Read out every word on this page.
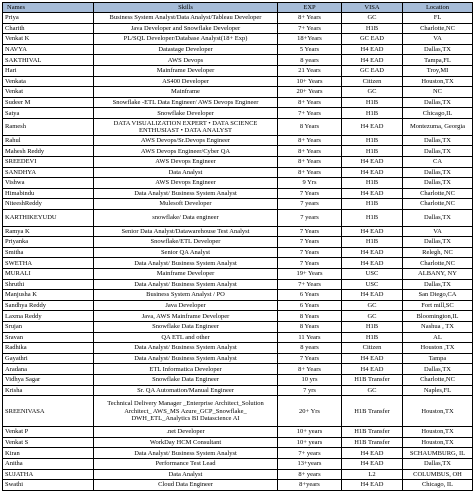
Names	Skills	EXP	VISA	Location
Priya	Business System Analyst/Data Analyst/Tableau Developer	8+ Years	GC	FL
Charith	Java Developer and Snowflake Developer	7+ Years	H1B	Charlotte,NC
Venkat K	PL/SQL Developer/Database Analyst(18+ Exp)	18+Years	GC EAD	VA
NAVYA	Datastage Developer	5 Years	H4 EAD	Dallas,TX
SAKTHIVAL	AWS Devops	8 years	H4 EAD	Tampa,FL
Hari	Mainframe Developer	21 Years	GC EAD	Troy,MI
Venkata	AS400 Developer	10+ Years	Citizen	Houston,TX
Venkat	Mainframe	20+ Years	GC	NC
Sudeer M	Snowflake -ETL Data Engineer/ AWS Devops Engineer	8+ Years	H1B	Dallas,TX
Satya	Snowflake Developer	7+ Years	H1B	Chicago,IL
Ramesh	DATA VISUALIZATION EXPERT • DATA SCIENCE ENTHUSIAST • DATA ANALYST	8 Years	H4 EAD	Montezuma, Georgia
Rahul	AWS Devops/Sr.Devops Engineer	8+ Years	H1B	Dallas,TX
Mahesh Reddy	AWS Devops Engineer/Cyber QA	8+ Years	H1B	Dallas,TX
SREEDEVI	AWS Devops Engineer	8+ Years	H4 EAD	CA
SANDHYA	Data Analyst	8+ Years	H4 EAD	Dallas,TX
Vishwa	AWS Devops Engineer	9 Yrs	H1B	Dallas,TX
Himabindu	Data Analyst/ Business System Analyst	7 Years	H4 EAD	Charlotte,NC
NiteeshReddy	Mulesoft Developer	7 years	H1B	Charlotte,NC
KARTHIKEYUDU	snowflake/ Data engineer	7 years	H1B	Dallas,TX
Ramya K	Senior Data Analyst/Datawarehouse Test Analyst	7 Years	H4 EAD	VA
Priyanka	Snowflake/ETL Developer	7 Years	H1B	Dallas,TX
Smitha	Senior QA Analyst	7 Years	H4 EAD	Relegh, NC
SWETHA	Data Analyst/ Business System Analyst	7 Years	H4 EAD	Charlotte,NC
MURALI	Mainframe Developer	19+ Years	USC	ALBANY, NY
Shruthi	Data Analyst/ Business System Analyst	7+ Years	USC	Dallas,TX
Manjusha K	Business System Analyst / PO	6 Years	H4 EAD	San Diego,CA
Sandhya Reddy	Java Developer	6 Years	GC	Fort mill,SC
Laxma Reddy	Java, AWS Mainframe Developer	8 Years	GC	Bloomington,IL
Srujan	Snowflake Data Engineer	8 Years	H1B	Nashua , TX
Sravan	QA ETL and other	11 Years	H1B	AL
Radhika	Data Analyst/ Business System Analyst	8 years	Citizen	Houston ,TX
Gayathri	Data Analyst/ Business System Analyst	7 Years	H4 EAD	Tampa
Aradana	ETL Informatica Developer	8+ Years	H4 EAD	Dallas,TX
Vidhya Sagar	Snowflake Data Engineer	10 yrs	H1B Transfer	Charlotte,NC
Krisha	Sr. QA Automation/Manual Engineer	7 yrs	GC	Naples,FL
SREENIVASA	Technical Delivery Manager _Enterprise Architect_Solution Architect_ AWS_MS Azure_GCP_Snowflake_ DWH_ETL_Analytics BI Datascience AI	20+ Yrs	H1B Transfer	Houston,TX
Venkat P	.net Developer	10+ years	H1B Transfer	Houston,TX
Venkat S	WorkDay HCM Consultant	10+ years	H1B Transfer	Houston,TX
Kiran	Data Analyst/ Business System Analyst	7+ years	H4 EAD	SCHAUMBURG, IL
Anitha	Performance Test Lead	13+years	H4 EAD	Dallas,TX
SUJATHA	Data Analyst	8+ years	L2	COLUMBUS, OH
Swathi	Cloud Data Engineer	8+years	H4 EAD	Chicago, IL
